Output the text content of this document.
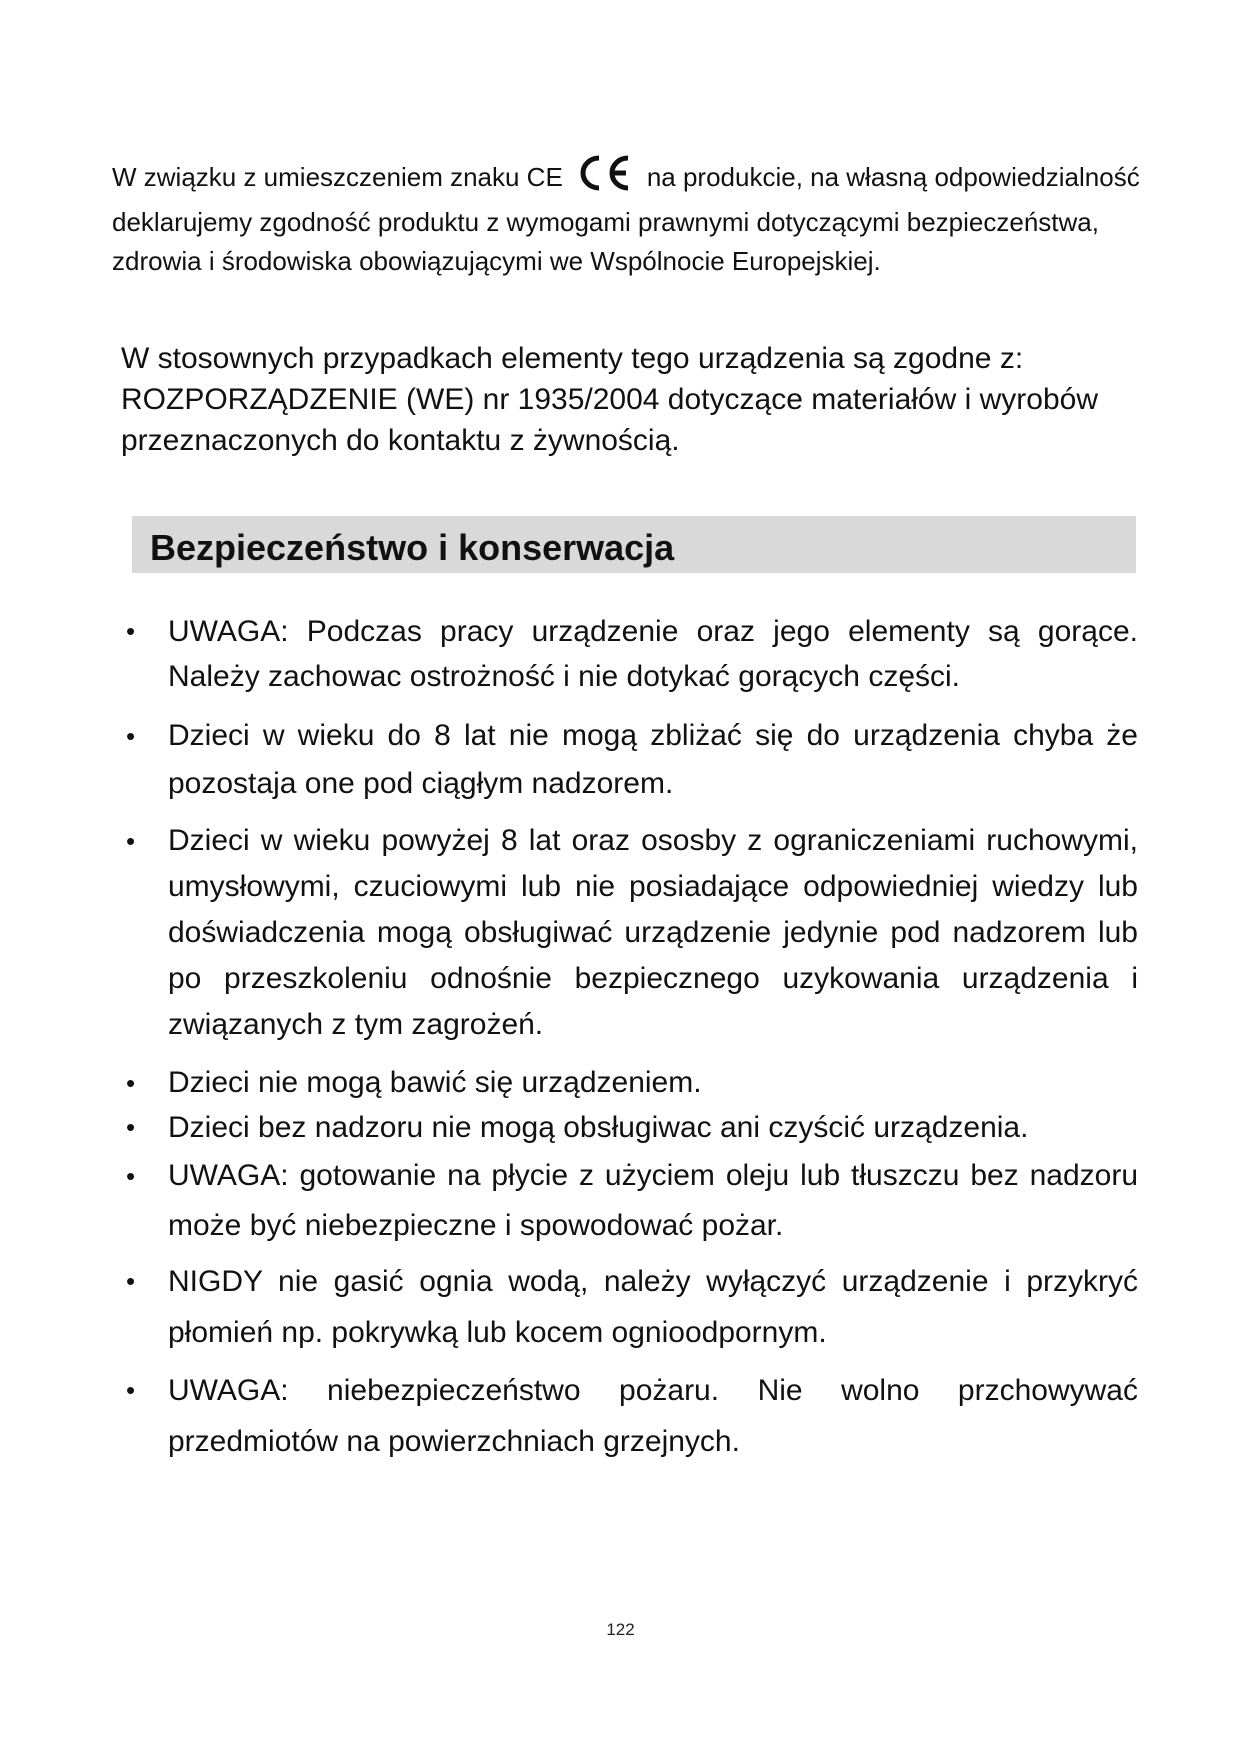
W związku z umieszczeniem znaku CE	na produkcie, na własną odpowiedzialność deklarujemy zgodność produktu z wymogami prawnymi dotyczącymi bezpieczeństwa, zdrowia i środowiska obowiązującymi we Wspólnocie Europejskiej.

W stosownych przypadkach elementy tego urządzenia są zgodne z: ROZPORZĄDZENIE (WE) nr 1935/2004 dotyczące materiałów i wyrobów przeznaczonych do kontaktu z żywnością.

Bezpieczeństwo i konserwacja
• UWAGA: Podczas pracy urządzenie oraz jego elementy są gorące. Należy zachowac ostrożność i nie dotykać gorących części.
• Dzieci w wieku do 8 lat nie mogą zbliżać się do urządzenia chyba że pozostaja one pod ciągłym nadzorem.
• Dzieci w wieku powyżej 8 lat oraz ososby z ograniczeniami ruchowymi, umysłowymi, czuciowymi lub nie posiadające odpowiedniej wiedzy lub doświadczenia mogą obsługiwać urządzenie jedynie pod nadzorem lub po przeszkoleniu odnośnie bezpiecznego uzykowania urządzenia i związanych z tym zagrożeń.
• Dzieci nie mogą bawić się urządzeniem.
• Dzieci bez nadzoru nie mogą obsługiwac ani czyścić urządzenia.
• UWAGA: gotowanie na płycie z użyciem oleju lub tłuszczu bez nadzoru może być niebezpieczne i spowodować pożar.
• NIGDY nie gasić ognia wodą, należy wyłączyć urządzenie i przykryć płomień np. pokrywką lub kocem ognioodpornym.
• UWAGA: niebezpieczeństwo pożaru. Nie wolno przchowywać przedmiotów na powierzchniach grzejnych.
122
